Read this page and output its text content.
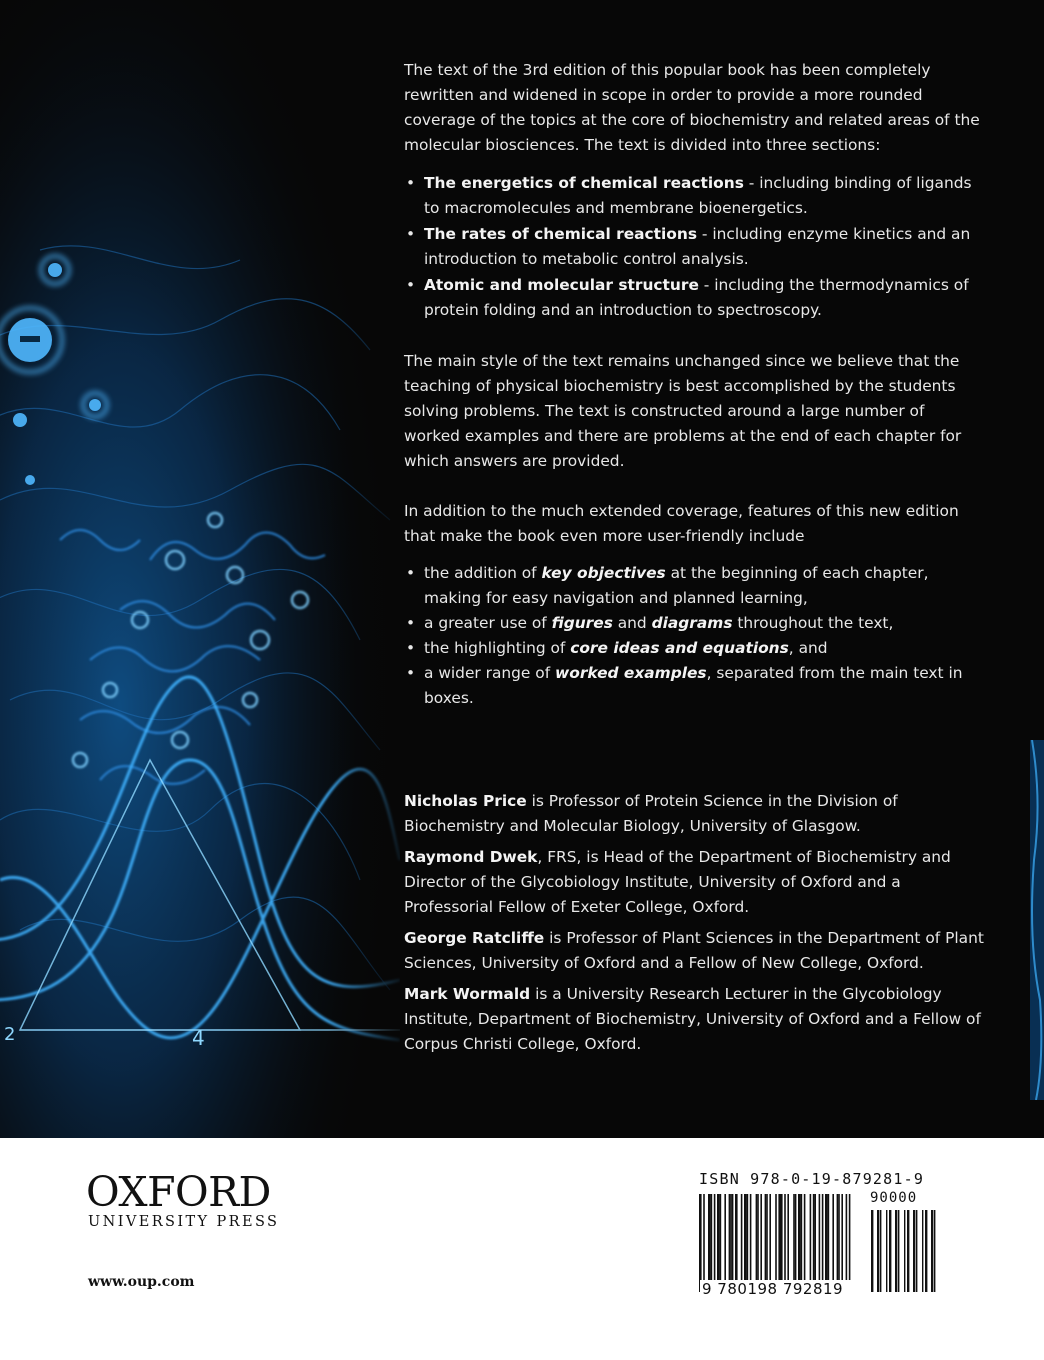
The text of the 3rd edition of this popular book has been completely rewritten and widened in scope in order to provide a more rounded coverage of the topics at the core of biochemistry and related areas of the molecular biosciences. The text is divided into three sections:

• The energetics of chemical reactions - including binding of ligands to macromolecules and membrane bioenergetics.
• The rates of chemical reactions - including enzyme kinetics and an introduction to metabolic control analysis.
• Atomic and molecular structure - including the thermodynamics of protein folding and an introduction to spectroscopy.

The main style of the text remains unchanged since we believe that the teaching of physical biochemistry is best accomplished by the students solving problems. The text is constructed around a large number of worked examples and there are problems at the end of each chapter for which answers are provided.

In addition to the much extended coverage, features of this new edition that make the book even more user-friendly include

• the addition of key objectives at the beginning of each chapter, making for easy navigation and planned learning,
• a greater use of figures and diagrams throughout the text,
• the highlighting of core ideas and equations, and
• a wider range of worked examples, separated from the main text in boxes.

Nicholas Price is Professor of Protein Science in the Division of Biochemistry and Molecular Biology, University of Glasgow.

Raymond Dwek, FRS, is Head of the Department of Biochemistry and Director of the Glycobiology Institute, University of Oxford and a Professorial Fellow of Exeter College, Oxford.

George Ratcliffe is Professor of Plant Sciences in the Department of Plant Sciences, University of Oxford and a Fellow of New College, Oxford.

Mark Wormald is a University Research Lecturer in the Glycobiology Institute, Department of Biochemistry, University of Oxford and a Fellow of Corpus Christi College, Oxford.

OXFORD
UNIVERSITY PRESS
www.oup.com
ISBN 978-0-19-879281-9
90000
9 780198 792819
